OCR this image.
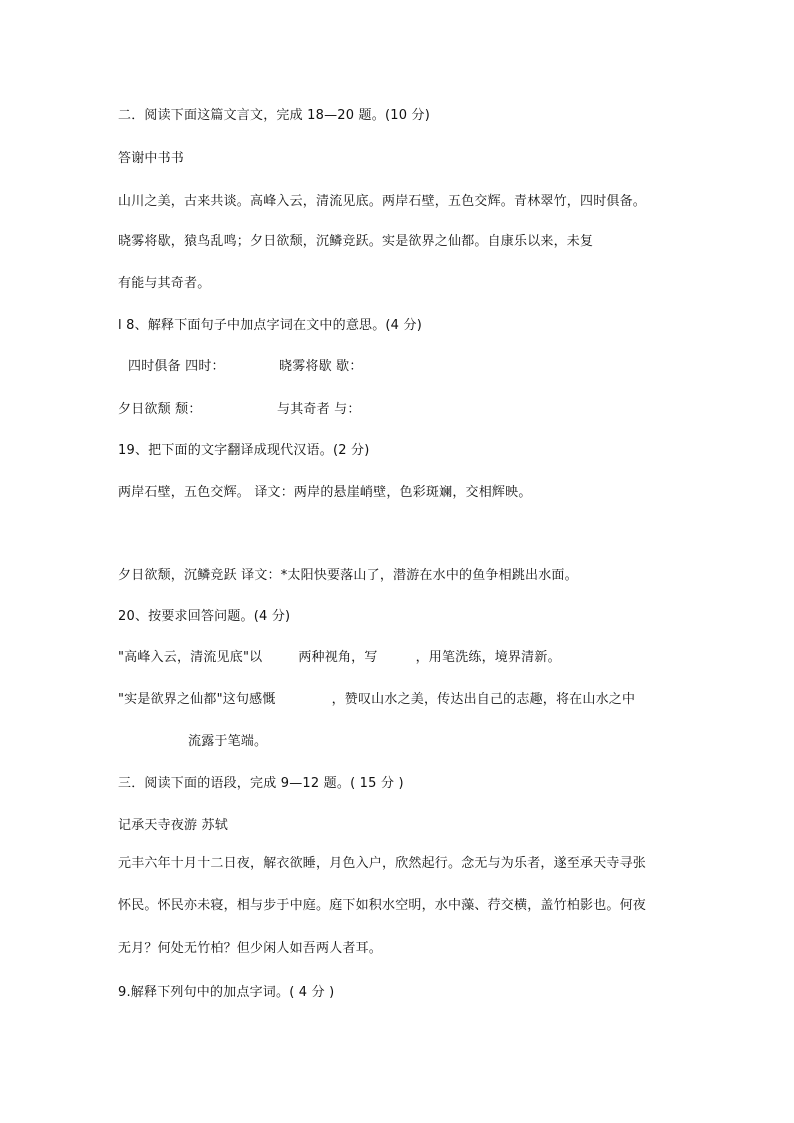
二．阅读下面这篇文言文，完成 18—20 题。(10 分)
答谢中书书
山川之美，古来共谈。高峰入云，清流见底。两岸石壁，五色交辉。青林翠竹，四时俱备。
晓雾将歇，猿鸟乱鸣；夕日欲颓，沉鳞竞跃。实是欲界之仙都。自康乐以来，未复
有能与其奇者。
l 8、解释下面句子中加点字词在文中的意思。(4 分)
四时俱备 四时：	晓雾将歇 歇：
夕日欲颓 颓：	与其奇者 与：
19、把下面的文字翻译成现代汉语。(2 分)
两岸石壁，五色交辉。 译文：两岸的悬崖峭壁，色彩斑斓，交相辉映。
夕日欲颓，沉鳞竞跃 译文：*太阳快要落山了，潜游在水中的鱼争相跳出水面。
20、按要求回答问题。(4 分)
"高峰入云，清流见底"以	两种视角，写	，用笔洗练，境界清新。
"实是欲界之仙都"这句感慨	，赞叹山水之美，传达出自己的志趣，将在山水之中
流露于笔端。
三．阅读下面的语段，完成 9—12 题。( 15 分 )
记承天寺夜游 苏轼
元丰六年十月十二日夜，解衣欲睡，月色入户，欣然起行。念无与为乐者，遂至承天寺寻张
怀民。怀民亦未寝，相与步于中庭。庭下如积水空明，水中藻、荇交横，盖竹柏影也。何夜
无月？何处无竹柏？但少闲人如吾两人者耳。
9.解释下列句中的加点字词。( 4 分 )
